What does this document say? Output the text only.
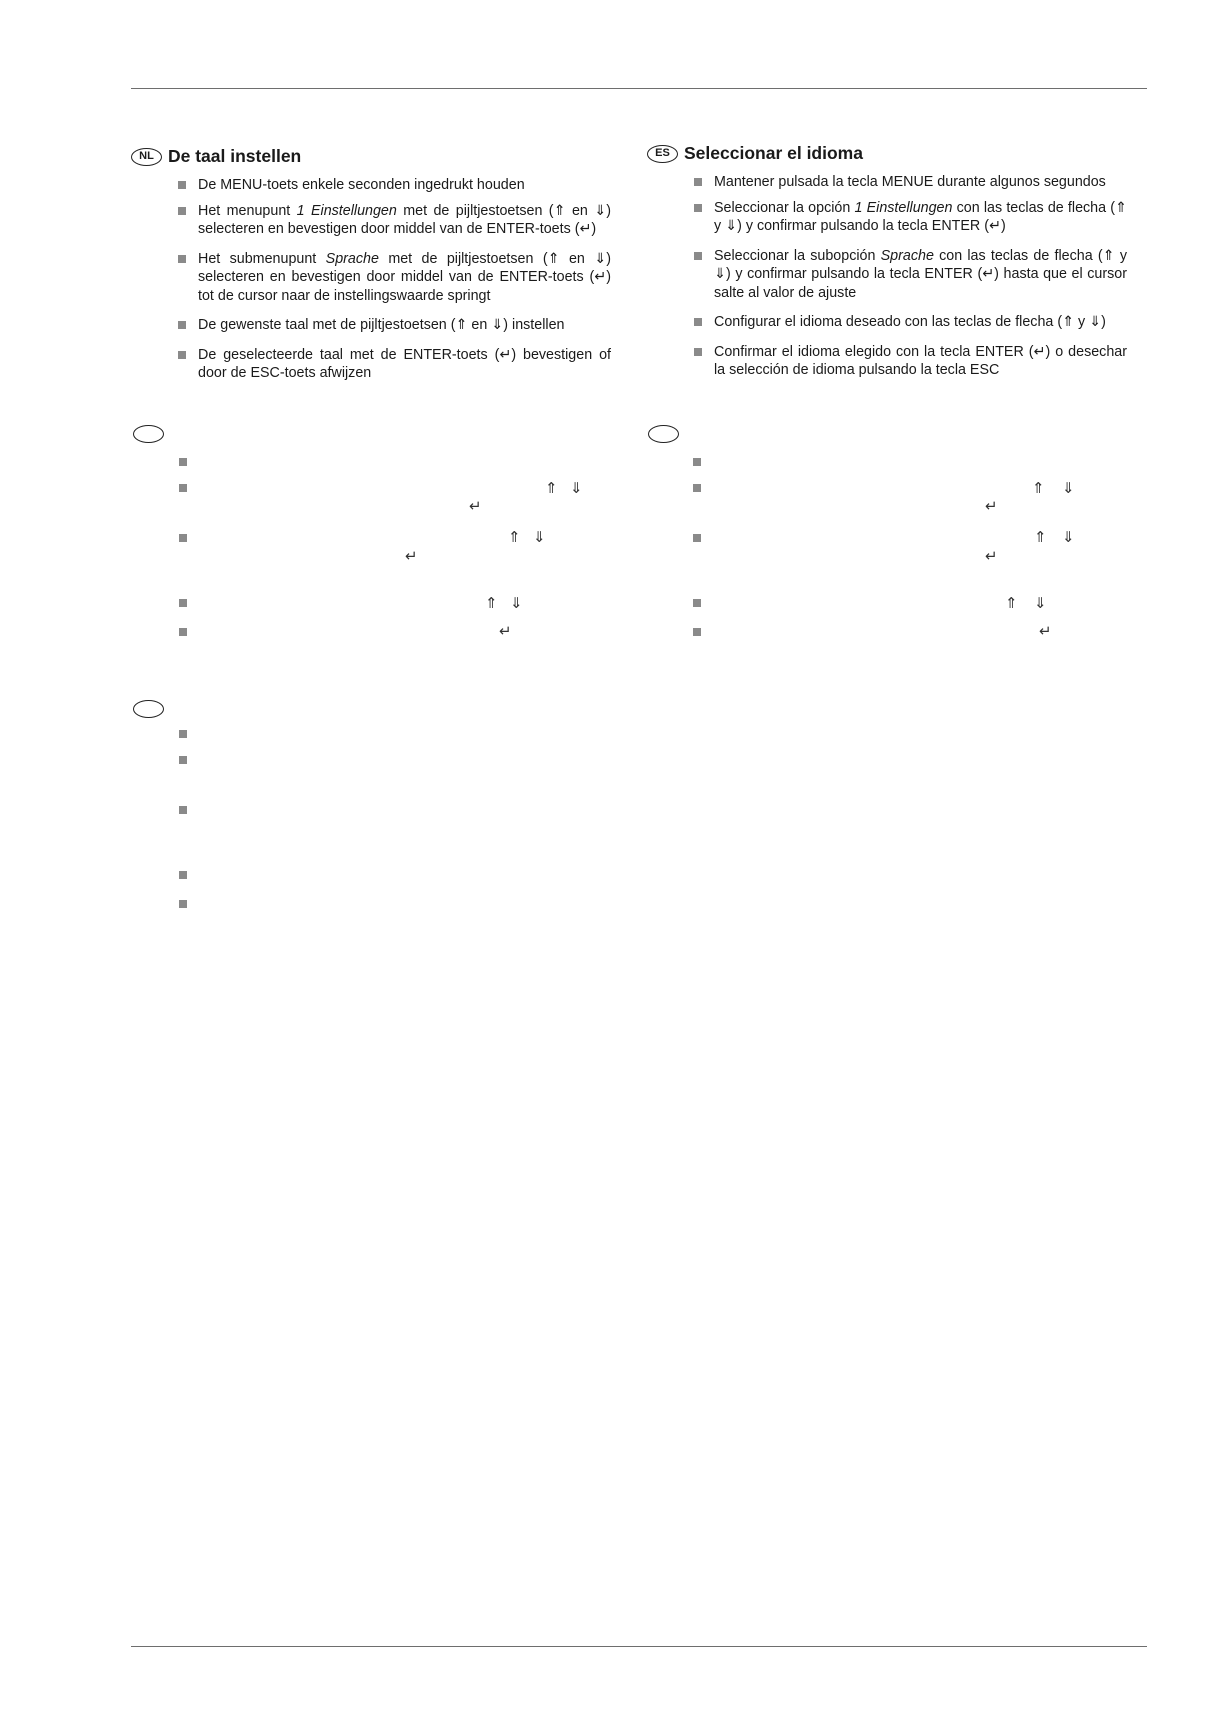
NL De taal instellen
De MENU-toets enkele seconden ingedrukt houden
Het menupunt 1 Einstellungen met de pijltjestoetsen (⇑ en ⇓) selecteren en bevestigen door middel van de ENTER-toets (↵)
Het submenupunt Sprache met de pijltjestoetsen (⇑ en ⇓) selecteren en bevestigen door middel van de ENTER-toets (↵) tot de cursor naar de instellingswaarde springt
De gewenste taal met de pijltjestoetsen (⇑ en ⇓) instellen
De geselecteerde taal met de ENTER-toets (↵) bevestigen of door de ESC-toets afwijzen
ES Seleccionar el idioma
Mantener pulsada la tecla MENUE durante algunos segundos
Seleccionar la opción 1 Einstellungen con las teclas de flecha (⇑ y ⇓) y confirmar pulsando la tecla ENTER (↵)
Seleccionar la subopción Sprache con las teclas de flecha (⇑ y ⇓) y confirmar pulsando la tecla ENTER (↵) hasta que el cursor salte al valor de ajuste
Configurar el idioma deseado con las teclas de flecha (⇑ y ⇓)
Confirmar el idioma elegido con la tecla ENTER (↵) o desechar la selección de idioma pulsando la tecla ESC
⇑ ⇓
↵
⇑ ⇓
↵
⇑ ⇓
↵
⇑ ⇓
↵
⇑ ⇓
↵
⇑ ⇓
↵
